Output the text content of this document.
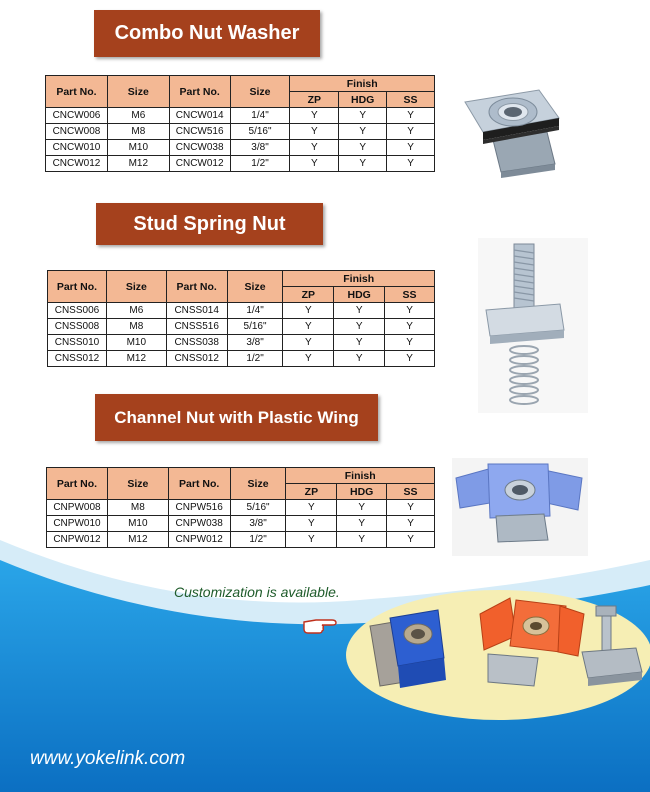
Combo Nut Washer
Part No.	Size	Part No.	Size	Finish		
				ZP	HDG	SS
CNCW006	M6	CNCW014	1/4"	Y	Y	Y
CNCW008	M8	CNCW516	5/16"	Y	Y	Y
CNCW010	M10	CNCW038	3/8"	Y	Y	Y
CNCW012	M12	CNCW012	1/2"	Y	Y	Y
Stud Spring Nut
Part No.	Size	Part No.	Size	Finish		
				ZP	HDG	SS
CNSS006	M6	CNSS014	1/4"	Y	Y	Y
CNSS008	M8	CNSS516	5/16"	Y	Y	Y
CNSS010	M10	CNSS038	3/8"	Y	Y	Y
CNSS012	M12	CNSS012	1/2"	Y	Y	Y
Channel Nut with Plastic Wing
Part No.	Size	Part No.	Size	Finish		
				ZP	HDG	SS
CNPW008	M8	CNPW516	5/16"	Y	Y	Y
CNPW010	M10	CNPW038	3/8"	Y	Y	Y
CNPW012	M12	CNPW012	1/2"	Y	Y	Y
Customization is available.
www.yokelink.com
